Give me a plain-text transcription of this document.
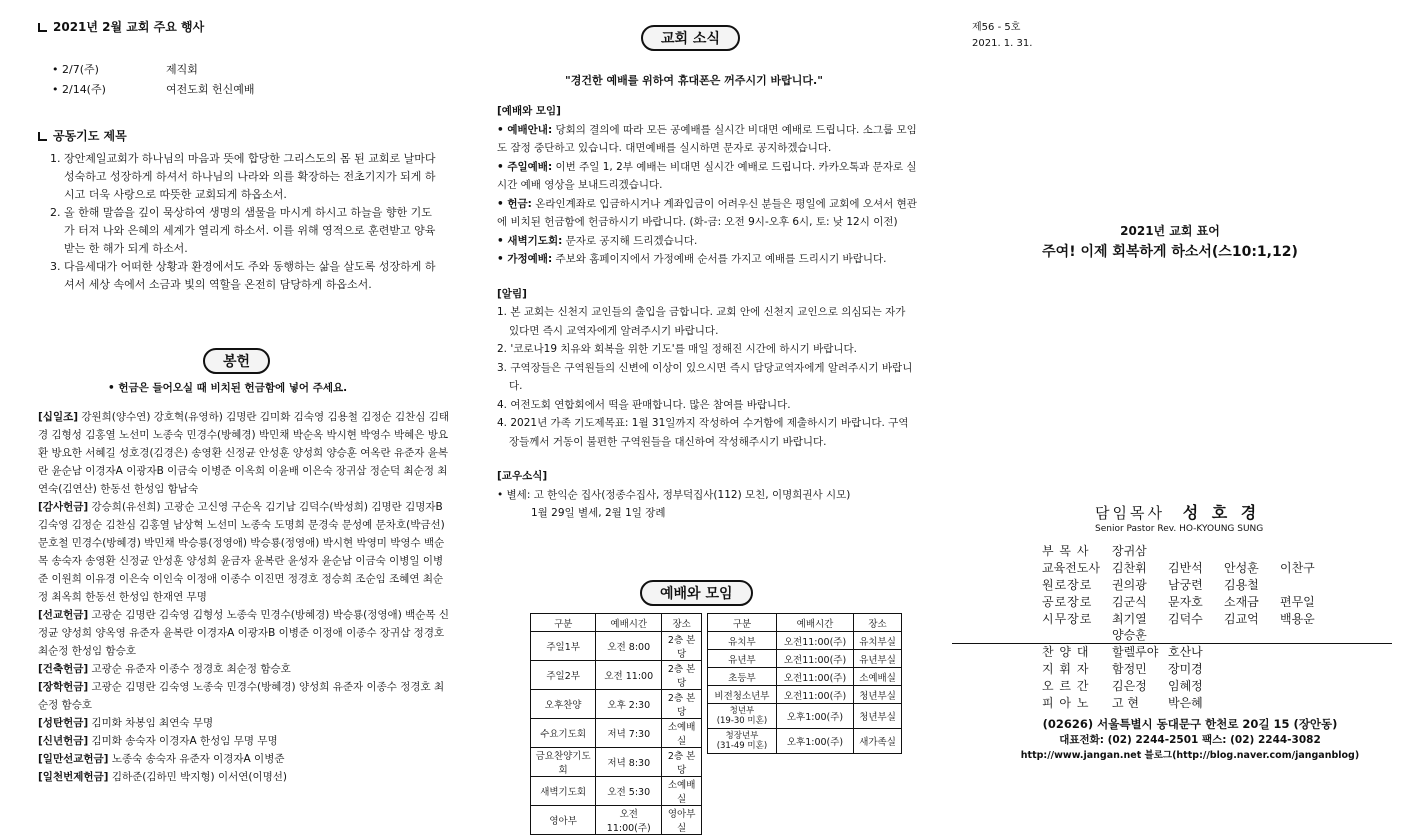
2021년 2월 교회 주요 행사
• 2/7(주)	제직회
• 2/14(주)	여전도회 헌신예배
공동기도 제목
1. 장안제일교회가 하나님의 마음과 뜻에 합당한 그리스도의 몸 된 교회로 날마다 성숙하고 성장하게 하셔서 하나님의 나라와 의를 확장하는 전초기지가 되게 하시고 더욱 사랑으로 따뜻한 교회되게 하옵소서.
2. 올 한해 말씀을 깊이 묵상하여 생명의 샘물을 마시게 하시고 하늘을 향한 기도가 터져 나와 은혜의 세계가 열리게 하소서. 이를 위해 영적으로 훈련받고 양육받는 한 해가 되게 하소서.
3. 다음세대가 어떠한 상황과 환경에서도 주와 동행하는 삶을 살도록 성장하게 하셔서 세상 속에서 소금과 빛의 역할을 온전히 담당하게 하옵소서.
봉헌
• 헌금은 들어오실 때 비치된 헌금함에 넣어 주세요.
[십일조] 강원희(양수연) 강호혁(유영하) 김명란 김미화 김숙영 김용철 김정순 김찬심 김태경 김형성 김홍열 노선미 노종숙 민경수(방혜경) 박민채 박순옥 박시현 박영수 박혜은 방요환 방요한 서혜길 성호경(김경은) 송영환 신정균 안성훈 양성희 양승훈 여옥란 유준자 윤복란 윤순남 이경자A 이광자B 이금숙 이병준 이옥희 이윤배 이은숙 장귀삼 정순덕 최순정 최연숙(김연산) 한동선 한성임 함남숙
[감사헌금] 강승희(유선희) 고광순 고신영 구순옥 김기남 김덕수(박성희) 김명란 김명자B 김숙영 김정순 김찬심 김홍열 남상혁 노선미 노종숙 도명희 문경숙 문성예 문차호(박금선) 문호철 민경수(방혜경) 박민채 박승룡(정영애) 박승룡(정영애) 박시현 박영미 박영수 백순목 송숙자 송영환 신정균 안성훈 양성희 윤금자 윤복란 윤성자 윤순남 이금숙 이병일 이병준 이원희 이유경 이은숙 이인숙 이정애 이종수 이진면 정경호 정승희 조순임 조혜연 최순정 최옥희 한동선 한성임 한재연 무명
[선교헌금] 고광순 김명란 김숙영 김형성 노종숙 민경수(방혜경) 박승룡(정영애) 백순목 신정균 양성희 양옥영 유준자 윤복란 이경자A 이광자B 이병준 이정애 이종수 장귀삼 정경호 최순정 한성임 함승호
[건축헌금] 고광순 유준자 이종수 정경호 최순정 함승호
[장학헌금] 고광순 김명란 김숙영 노종숙 민경수(방혜경) 양성희 유준자 이종수 정경호 최순정 함승호
[성탄헌금] 김미화 차봉임 최연숙 무명
[신년헌금] 김미화 송숙자 이경자A 한성임 무명 무명
[일만선교헌금] 노종숙 송숙자 유준자 이경자A 이병준
[일천번제헌금] 김하준(김하민 박지형) 이서연(이명선)
교회 소식
"경건한 예배를 위하여 휴대폰은 꺼주시기 바랍니다."
[예배와 모임]
• 예배안내: 당회의 결의에 따라 모든 공예배를 실시간 비대면 예배로 드립니다. 소그룹 모임도 잠정 중단하고 있습니다. 대면예배를 실시하면 문자로 공지하겠습니다.
• 주일예배: 이번 주일 1, 2부 예배는 비대면 실시간 예배로 드립니다. 카카오톡과 문자로 실시간 예배 영상을 보내드리겠습니다.
• 헌금: 온라인계좌로 입금하시거나 계좌입금이 어려우신 분들은 평일에 교회에 오셔서 현관에 비치된 헌금함에 헌금하시기 바랍니다. (화-금: 오전 9시-오후 6시, 토: 낮 12시 이전)
• 새벽기도회: 문자로 공지해 드리겠습니다.
• 가정예배: 주보와 홈페이지에서 가정예배 순서를 가지고 예배를 드리시기 바랍니다.
[알림]
1. 본 교회는 신천지 교인들의 출입을 금합니다. 교회 안에 신천지 교인으로 의심되는 자가 있다면 즉시 교역자에게 알려주시기 바랍니다.
2. '코로나19 치유와 회복을 위한 기도'를 매일 정해진 시간에 하시기 바랍니다.
3. 구역장들은 구역원들의 신변에 이상이 있으시면 즉시 담당교역자에게 알려주시기 바랍니다.
4. 여전도회 연합회에서 떡을 판매합니다. 많은 참여를 바랍니다.
4. 2021년 가족 기도제목표: 1월 31일까지 작성하여 수거함에 제출하시기 바랍니다. 구역장들께서 거동이 불편한 구역원들을 대신하여 작성해주시기 바랍니다.
[교우소식]
• 별세: 고 한익순 집사(정종수집사, 정부덕집사(112) 모친, 이명희권사 시모)
1월 29일 별세, 2월 1일 장례
예배와 모임
구분	예배시간	장소
주일1부	오전 8:00	2층 본당
주일2부	오전 11:00	2층 본당
오후찬양	오후 2:30	2층 본당
수요기도회	저녁 7:30	소예배실
금요찬양기도회	저녁 8:30	2층 본당
새벽기도회	오전 5:30	소예배실
영아부	오전11:00(주)	영아부실
구분	예배시간	장소
유치부	오전11:00(주)	유치부실
유년부	오전11:00(주)	유년부실
초등부	오전11:00(주)	소예배실
비전청소년부	오전11:00(주)	청년부실
청년부
(19-30 미혼)	오후1:00(주)	청년부실
청장년부
(31-49 미혼)	오후1:00(주)	새가족실
제56 - 5호
2021. 1. 31.
2021년 교회 표어
주여! 이제 회복하게 하소서(스10:1,12)
담임목사 성 호 경
Senior Pastor Rev. HO-KYOUNG SUNG
부 목 사	장귀삼
교육전도사	김찬휘	김반석	안성훈	이찬구
원로장로	권의광	남궁련	김용철
공로장로	김군식	문자호	소재금	편무일
시무장로	최기열	김덕수	김교억	백용운
양승훈
찬 양 대	할렐루야 호산나
지 휘 자	함정민	장미경
오 르 간	김은정	임혜정
피 아 노	고 현	박은혜
(02626) 서울특별시 동대문구 한천로 20길 15 (장안동)
대표전화: (02) 2244-2501 팩스: (02) 2244-3082
http://www.jangan.net 블로그(http://blog.naver.com/janganblog)
